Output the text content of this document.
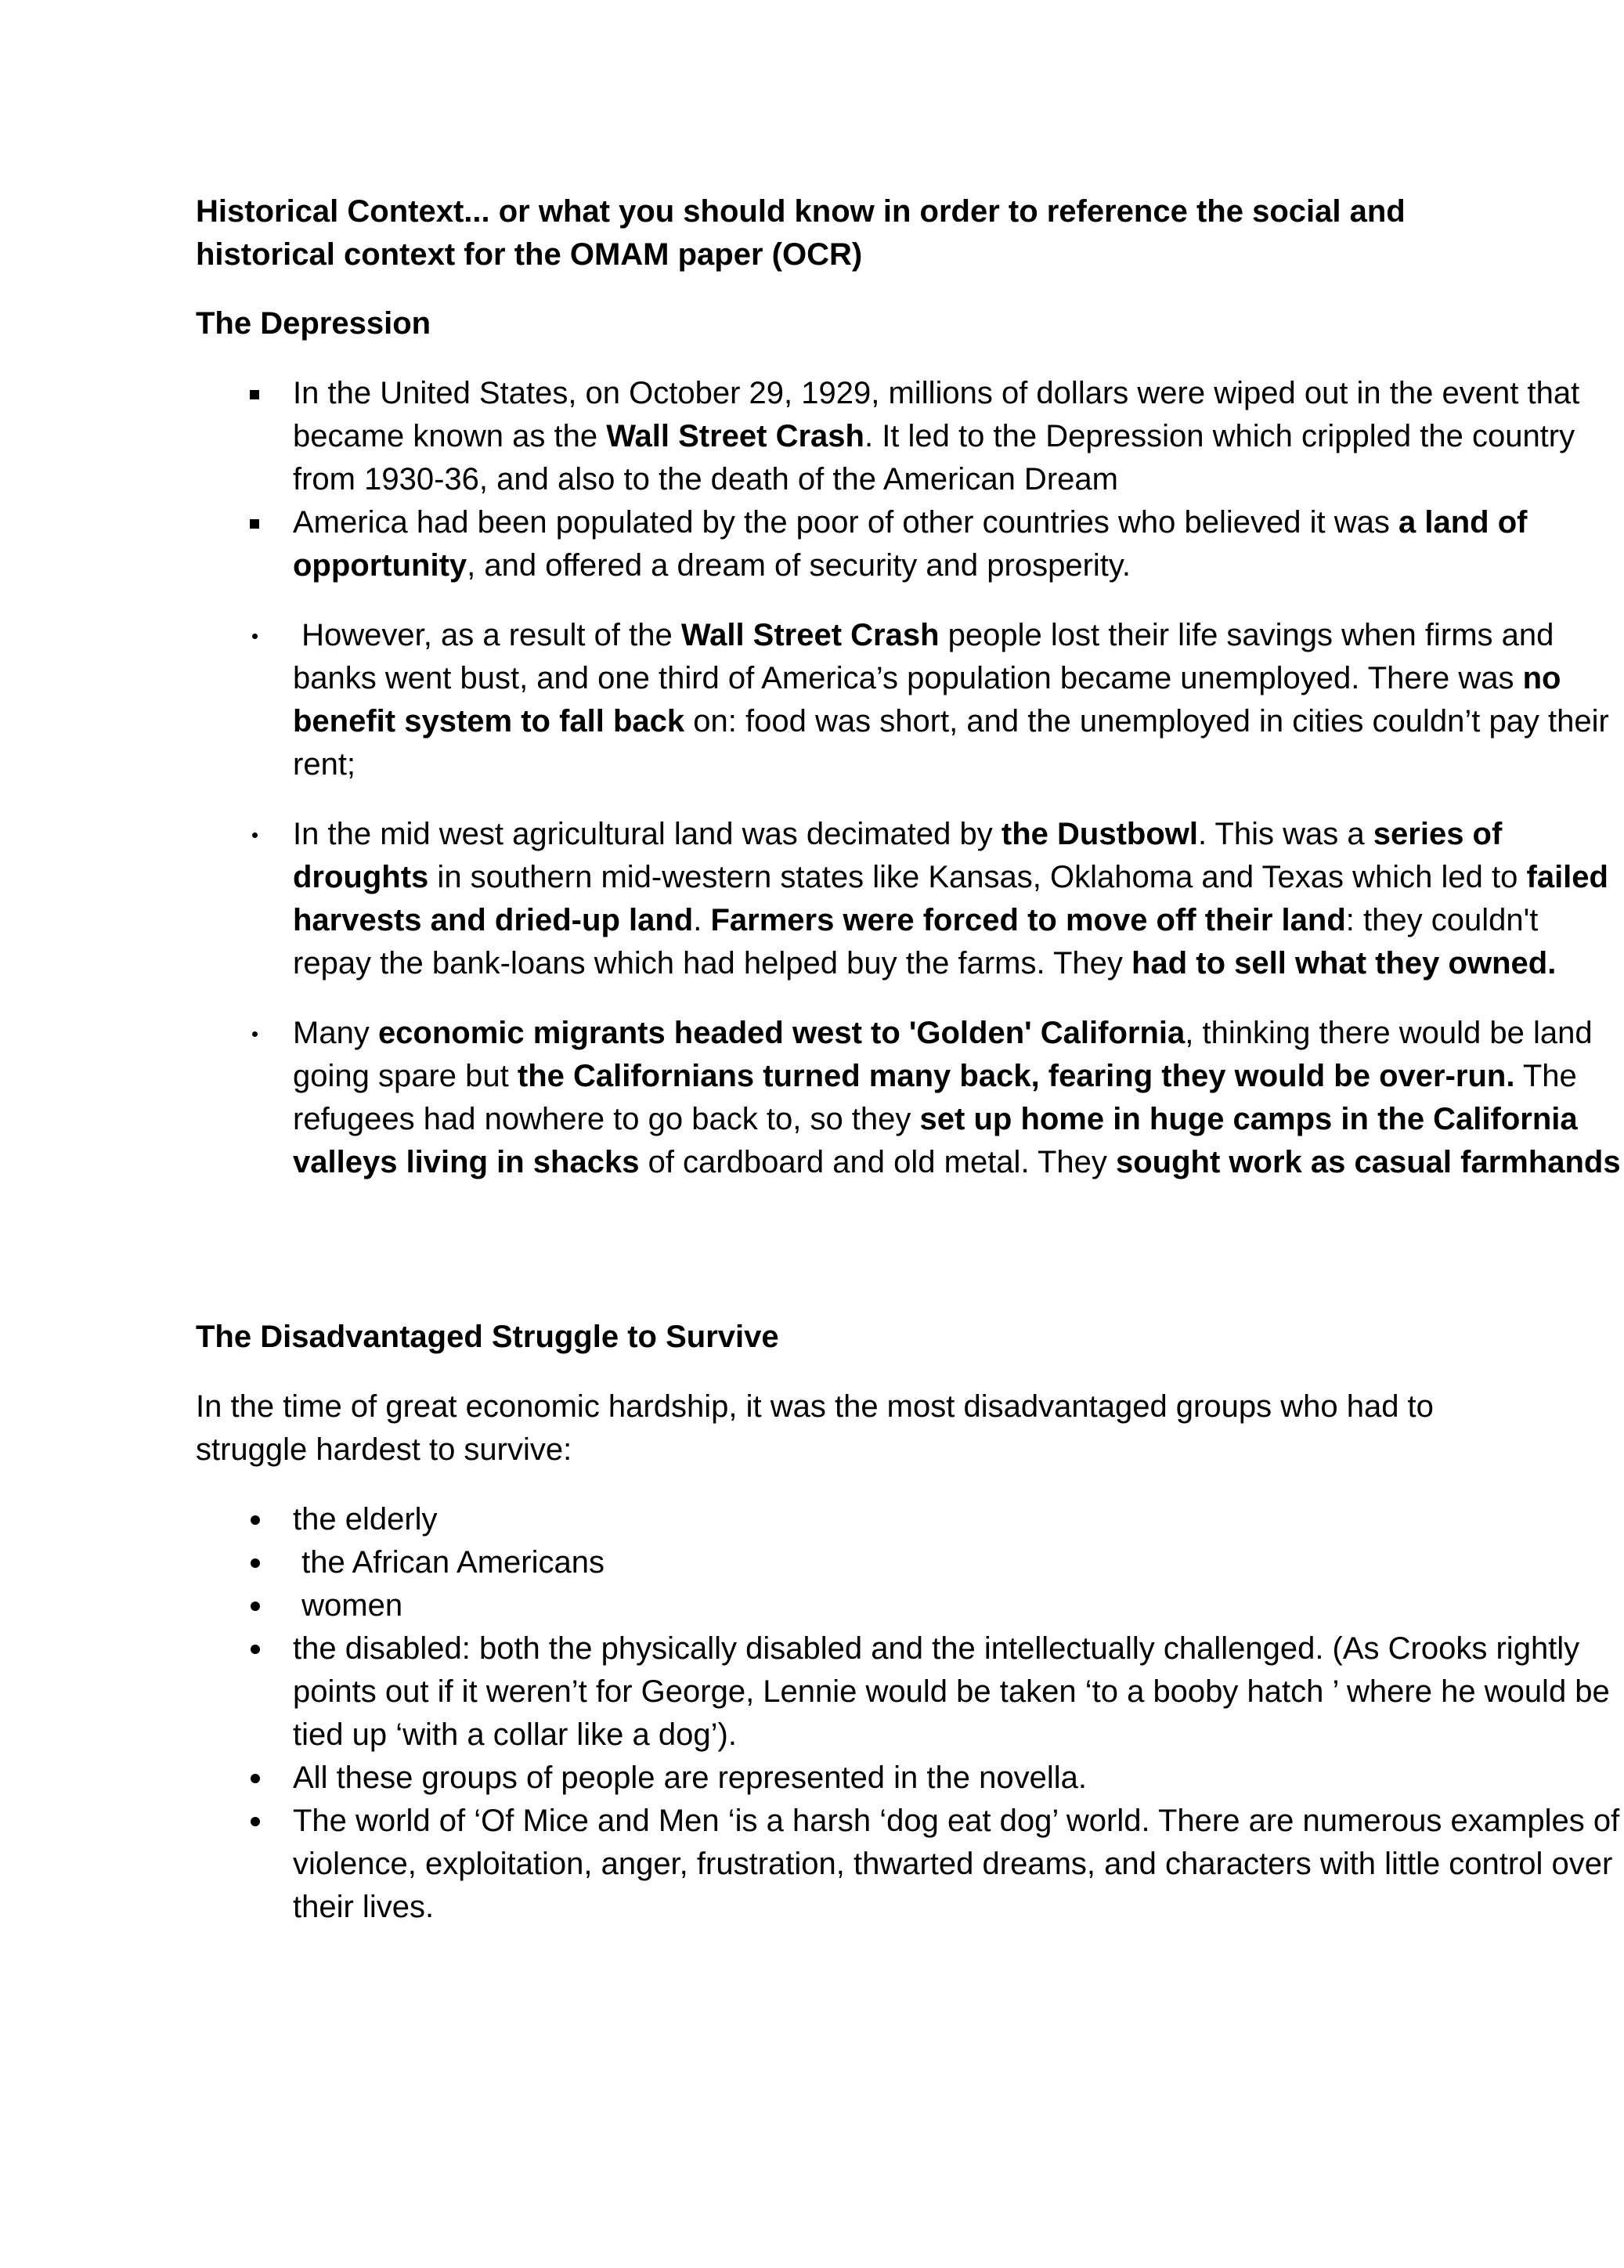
Historical Context... or what you should know in order to reference the social and historical context for the OMAM paper (OCR)

The Depression

In the United States, on October 29, 1929, millions of dollars were wiped out in the event that became known as the Wall Street Crash. It led to the Depression which crippled the country from 1930-36, and also to the death of the American Dream
America had been populated by the poor of other countries who believed it was a land of opportunity, and offered a dream of security and prosperity.
However, as a result of the Wall Street Crash people lost their life savings when firms and banks went bust, and one third of America’s population became unemployed. There was no benefit system to fall back on: food was short, and the unemployed in cities couldn’t pay their rent;
In the mid west agricultural land was decimated by the Dustbowl. This was a series of droughts in southern mid-western states like Kansas, Oklahoma and Texas which led to failed harvests and dried-up land. Farmers were forced to move off their land: they couldn't repay the bank-loans which had helped buy the farms. They had to sell what they owned.
Many economic migrants headed west to 'Golden' California, thinking there would be land going spare but the Californians turned many back, fearing they would be over-run. The refugees had nowhere to go back to, so they set up home in huge camps in the California valleys living in shacks of cardboard and old metal. They sought work as casual farmhands

The Disadvantaged Struggle to Survive

In the time of great economic hardship, it was the most disadvantaged groups who had to struggle hardest to survive:

the elderly
the African Americans
women
the disabled: both the physically disabled and the intellectually challenged. (As Crooks rightly points out if it weren’t for George, Lennie would be taken ‘to a booby hatch ’ where he would be tied up ‘with a collar like a dog’).
All these groups of people are represented in the novella.
The world of ‘Of Mice and Men ‘is a harsh ‘dog eat dog’ world. There are numerous examples of violence, exploitation, anger, frustration, thwarted dreams, and characters with little control over their lives.
